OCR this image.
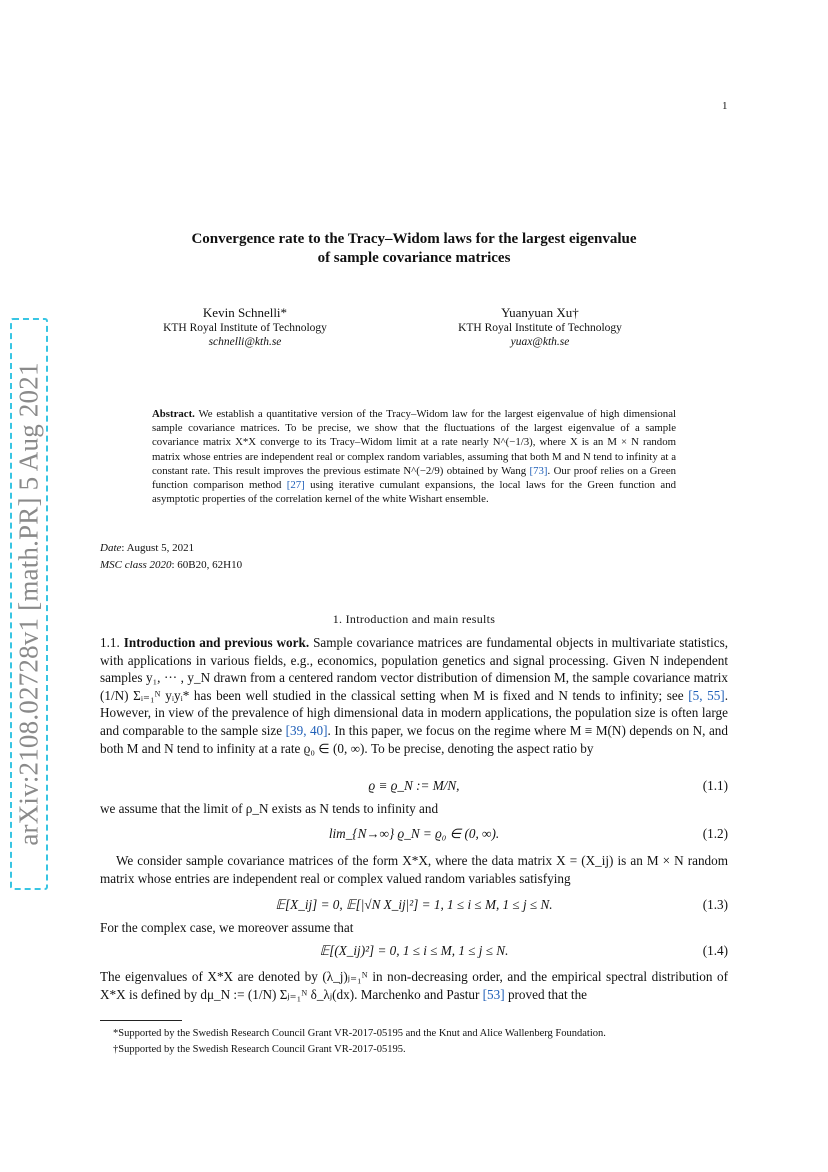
1
arXiv:2108.02728v1 [math.PR] 5 Aug 2021
Convergence rate to the Tracy–Widom laws for the largest eigenvalue
of sample covariance matrices
Kevin Schnelli*
KTH Royal Institute of Technology
schnelli@kth.se
Yuanyuan Xu†
KTH Royal Institute of Technology
yuax@kth.se
Abstract. We establish a quantitative version of the Tracy–Widom law for the largest eigenvalue of high dimensional sample covariance matrices. To be precise, we show that the fluctuations of the largest eigenvalue of a sample covariance matrix X*X converge to its Tracy–Widom limit at a rate nearly N^(−1/3), where X is an M × N random matrix whose entries are independent real or complex random variables, assuming that both M and N tend to infinity at a constant rate. This result improves the previous estimate N^(−2/9) obtained by Wang [73]. Our proof relies on a Green function comparison method [27] using iterative cumulant expansions, the local laws for the Green function and asymptotic properties of the correlation kernel of the white Wishart ensemble.
Date: August 5, 2021
MSC class 2020: 60B20, 62H10
1. Introduction and main results
1.1. Introduction and previous work. Sample covariance matrices are fundamental objects in multivariate statistics, with applications in various fields, e.g., economics, population genetics and signal processing. Given N independent samples y₁, ··· , y_N drawn from a centered random vector distribution of dimension M, the sample covariance matrix (1/N) Σᵢ₌₁ᴺ yᵢyᵢ* has been well studied in the classical setting when M is fixed and N tends to infinity; see [5, 55]. However, in view of the prevalence of high dimensional data in modern applications, the population size is often large and comparable to the sample size [39, 40]. In this paper, we focus on the regime where M ≡ M(N) depends on N, and both M and N tend to infinity at a rate ϱ₀ ∈ (0, ∞). To be precise, denoting the aspect ratio by
ϱ ≡ ϱ_N := M/N,	(1.1)
we assume that the limit of ρ_N exists as N tends to infinity and
lim_{N→∞} ϱ_N = ϱ₀ ∈ (0, ∞).	(1.2)
We consider sample covariance matrices of the form X*X, where the data matrix X = (X_ij) is an M × N random matrix whose entries are independent real or complex valued random variables satisfying
𝔼[X_ij] = 0, 𝔼[|√N X_ij|²] = 1, 1 ≤ i ≤ M, 1 ≤ j ≤ N.	(1.3)
For the complex case, we moreover assume that
𝔼[(X_ij)²] = 0, 1 ≤ i ≤ M, 1 ≤ j ≤ N.	(1.4)
The eigenvalues of X*X are denoted by (λ_j)ⱼ₌₁ᴺ in non-decreasing order, and the empirical spectral distribution of X*X is defined by dμ_N := (1/N) Σⱼ₌₁ᴺ δ_λⱼ(dx). Marchenko and Pastur [53] proved that the
*Supported by the Swedish Research Council Grant VR-2017-05195 and the Knut and Alice Wallenberg Foundation.
†Supported by the Swedish Research Council Grant VR-2017-05195.
